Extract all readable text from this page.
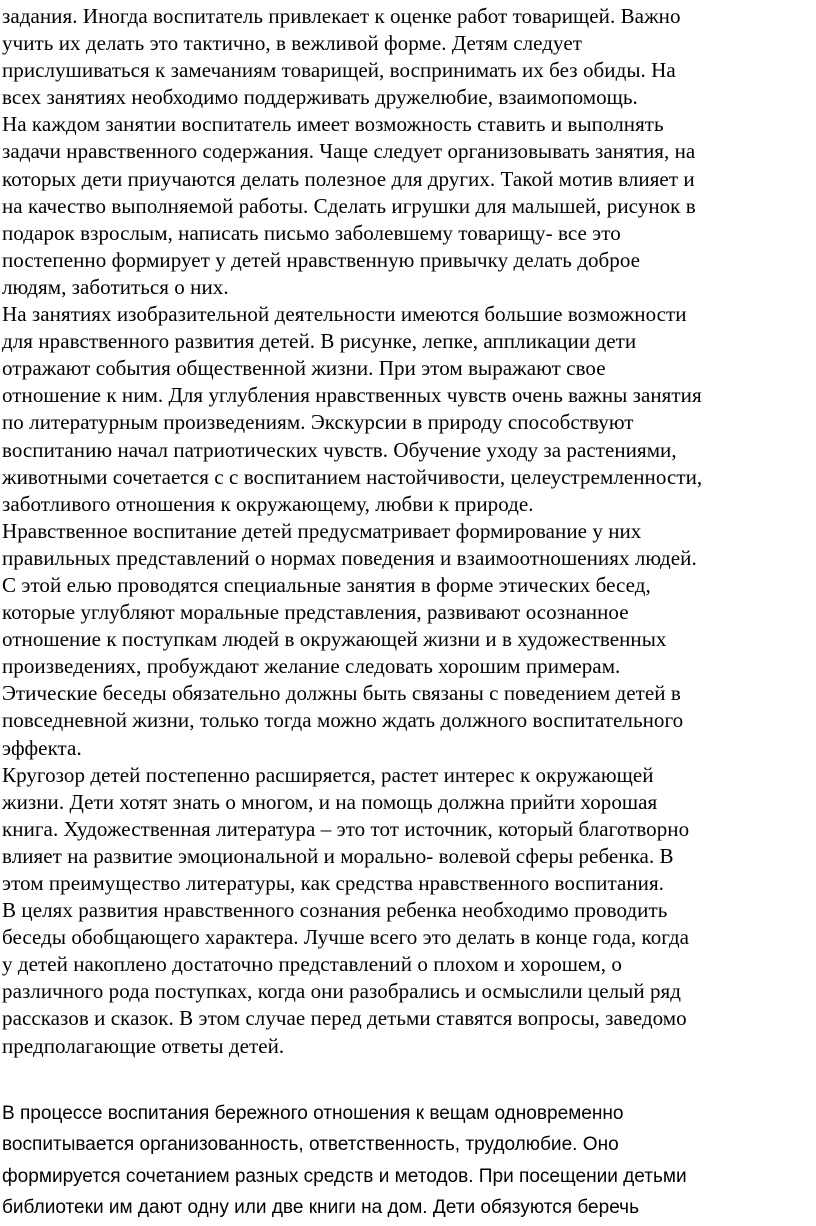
задания. Иногда воспитатель привлекает к оценке работ товарищей. Важно

учить их делать это тактично, в вежливой форме. Детям следует

прислушиваться к замечаниям товарищей, воспринимать их без обиды. На

всех занятиях необходимо поддерживать дружелюбие, взаимопомощь.

На каждом занятии воспитатель имеет возможность ставить и выполнять

задачи нравственного содержания. Чаще следует организовывать занятия, на

которых дети приучаются делать полезное для других. Такой мотив влияет и

на качество выполняемой работы. Сделать игрушки для малышей, рисунок в

подарок взрослым, написать письмо заболевшему товарищу- все это

постепенно формирует у детей нравственную привычку делать доброе

людям, заботиться о них.

На занятиях изобразительной деятельности имеются большие возможности

для нравственного развития детей. В рисунке, лепке, аппликации дети

отражают события общественной жизни. При этом выражают свое

отношение к ним. Для углубления нравственных чувств очень важны занятия

по литературным произведениям. Экскурсии в природу способствуют

воспитанию начал патриотических чувств. Обучение уходу за растениями,

животными сочетается с с воспитанием настойчивости, целеустремленности,

заботливого отношения к окружающему, любви к природе.

Нравственное воспитание детей предусматривает формирование у них

правильных представлений о нормах поведения и взаимоотношениях людей.

С этой елью проводятся специальные занятия в форме этических бесед,

которые углубляют моральные представления, развивают осознанное

отношение к поступкам людей в окружающей жизни и в художественных

произведениях, пробуждают желание следовать хорошим примерам.

Этические беседы обязательно должны быть связаны с поведением детей в

повседневной жизни, только тогда можно ждать должного воспитательного

эффекта.

Кругозор детей постепенно расширяется, растет интерес к окружающей

жизни. Дети хотят знать о многом, и на помощь должна прийти хорошая

книга. Художественная литература – это тот источник, который благотворно

влияет на развитие эмоциональной и морально- волевой сферы ребенка. В

этом преимущество литературы, как средства нравственного воспитания.

В целях развития нравственного сознания ребенка необходимо проводить

беседы обобщающего характера. Лучше всего это делать в конце года, когда

у детей накоплено достаточно представлений о плохом и хорошем, о

различного рода поступках, когда они разобрались и осмыслили целый ряд

рассказов и сказок. В этом случае перед детьми ставятся вопросы, заведомо

предполагающие ответы детей.

В процессе воспитания бережного отношения к вещам одновременно

воспитывается организованность, ответственность, трудолюбие. Оно

формируется сочетанием разных средств и методов. При посещении детьми

библиотеки им дают одну или две книги на дом. Дети обязуются беречь
